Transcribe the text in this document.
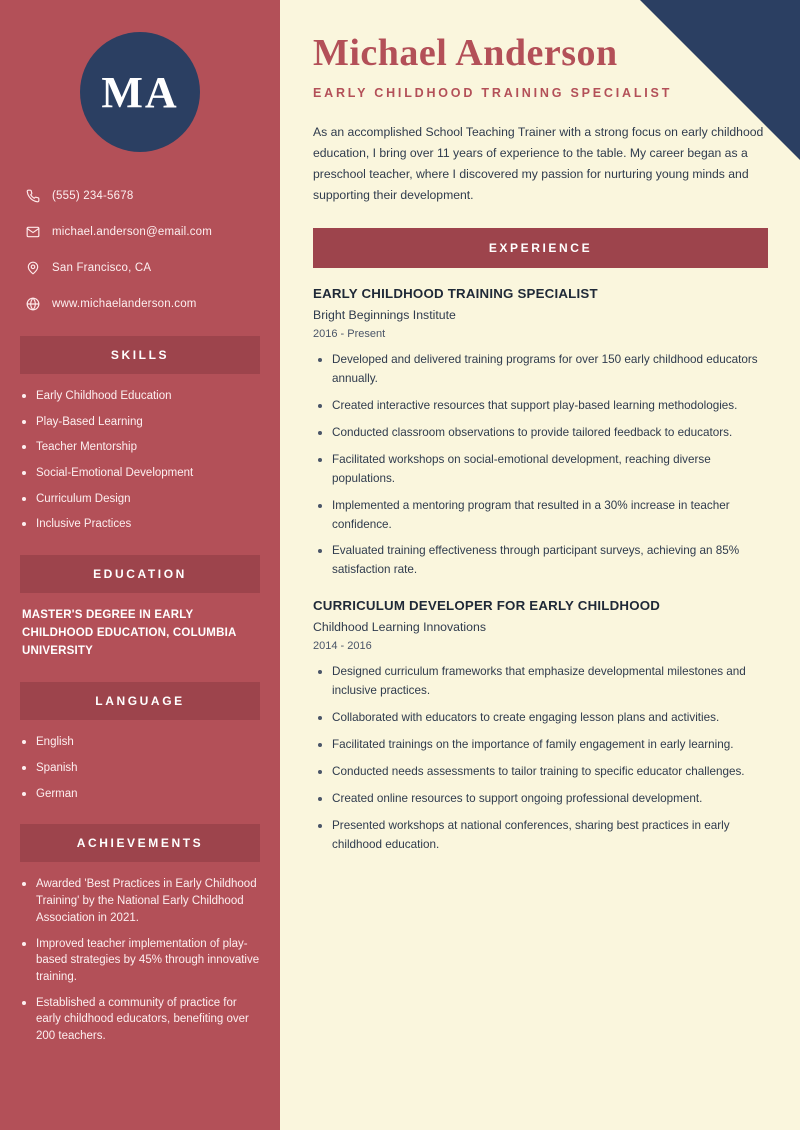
MA
(555) 234-5678
michael.anderson@email.com
San Francisco, CA
www.michaelanderson.com
SKILLS
Early Childhood Education
Play-Based Learning
Teacher Mentorship
Social-Emotional Development
Curriculum Design
Inclusive Practices
EDUCATION
MASTER'S DEGREE IN EARLY CHILDHOOD EDUCATION, COLUMBIA UNIVERSITY
LANGUAGE
English
Spanish
German
ACHIEVEMENTS
Awarded 'Best Practices in Early Childhood Training' by the National Early Childhood Association in 2021.
Improved teacher implementation of play-based strategies by 45% through innovative training.
Established a community of practice for early childhood educators, benefiting over 200 teachers.
Michael Anderson
EARLY CHILDHOOD TRAINING SPECIALIST

As an accomplished School Teaching Trainer with a strong focus on early childhood education, I bring over 11 years of experience to the table. My career began as a preschool teacher, where I discovered my passion for nurturing young minds and supporting their development.

EXPERIENCE
EARLY CHILDHOOD TRAINING SPECIALIST
Bright Beginnings Institute
2016 - Present
Developed and delivered training programs for over 150 early childhood educators annually.
Created interactive resources that support play-based learning methodologies.
Conducted classroom observations to provide tailored feedback to educators.
Facilitated workshops on social-emotional development, reaching diverse populations.
Implemented a mentoring program that resulted in a 30% increase in teacher confidence.
Evaluated training effectiveness through participant surveys, achieving an 85% satisfaction rate.
CURRICULUM DEVELOPER FOR EARLY CHILDHOOD
Childhood Learning Innovations
2014 - 2016
Designed curriculum frameworks that emphasize developmental milestones and inclusive practices.
Collaborated with educators to create engaging lesson plans and activities.
Facilitated trainings on the importance of family engagement in early learning.
Conducted needs assessments to tailor training to specific educator challenges.
Created online resources to support ongoing professional development.
Presented workshops at national conferences, sharing best practices in early childhood education.
